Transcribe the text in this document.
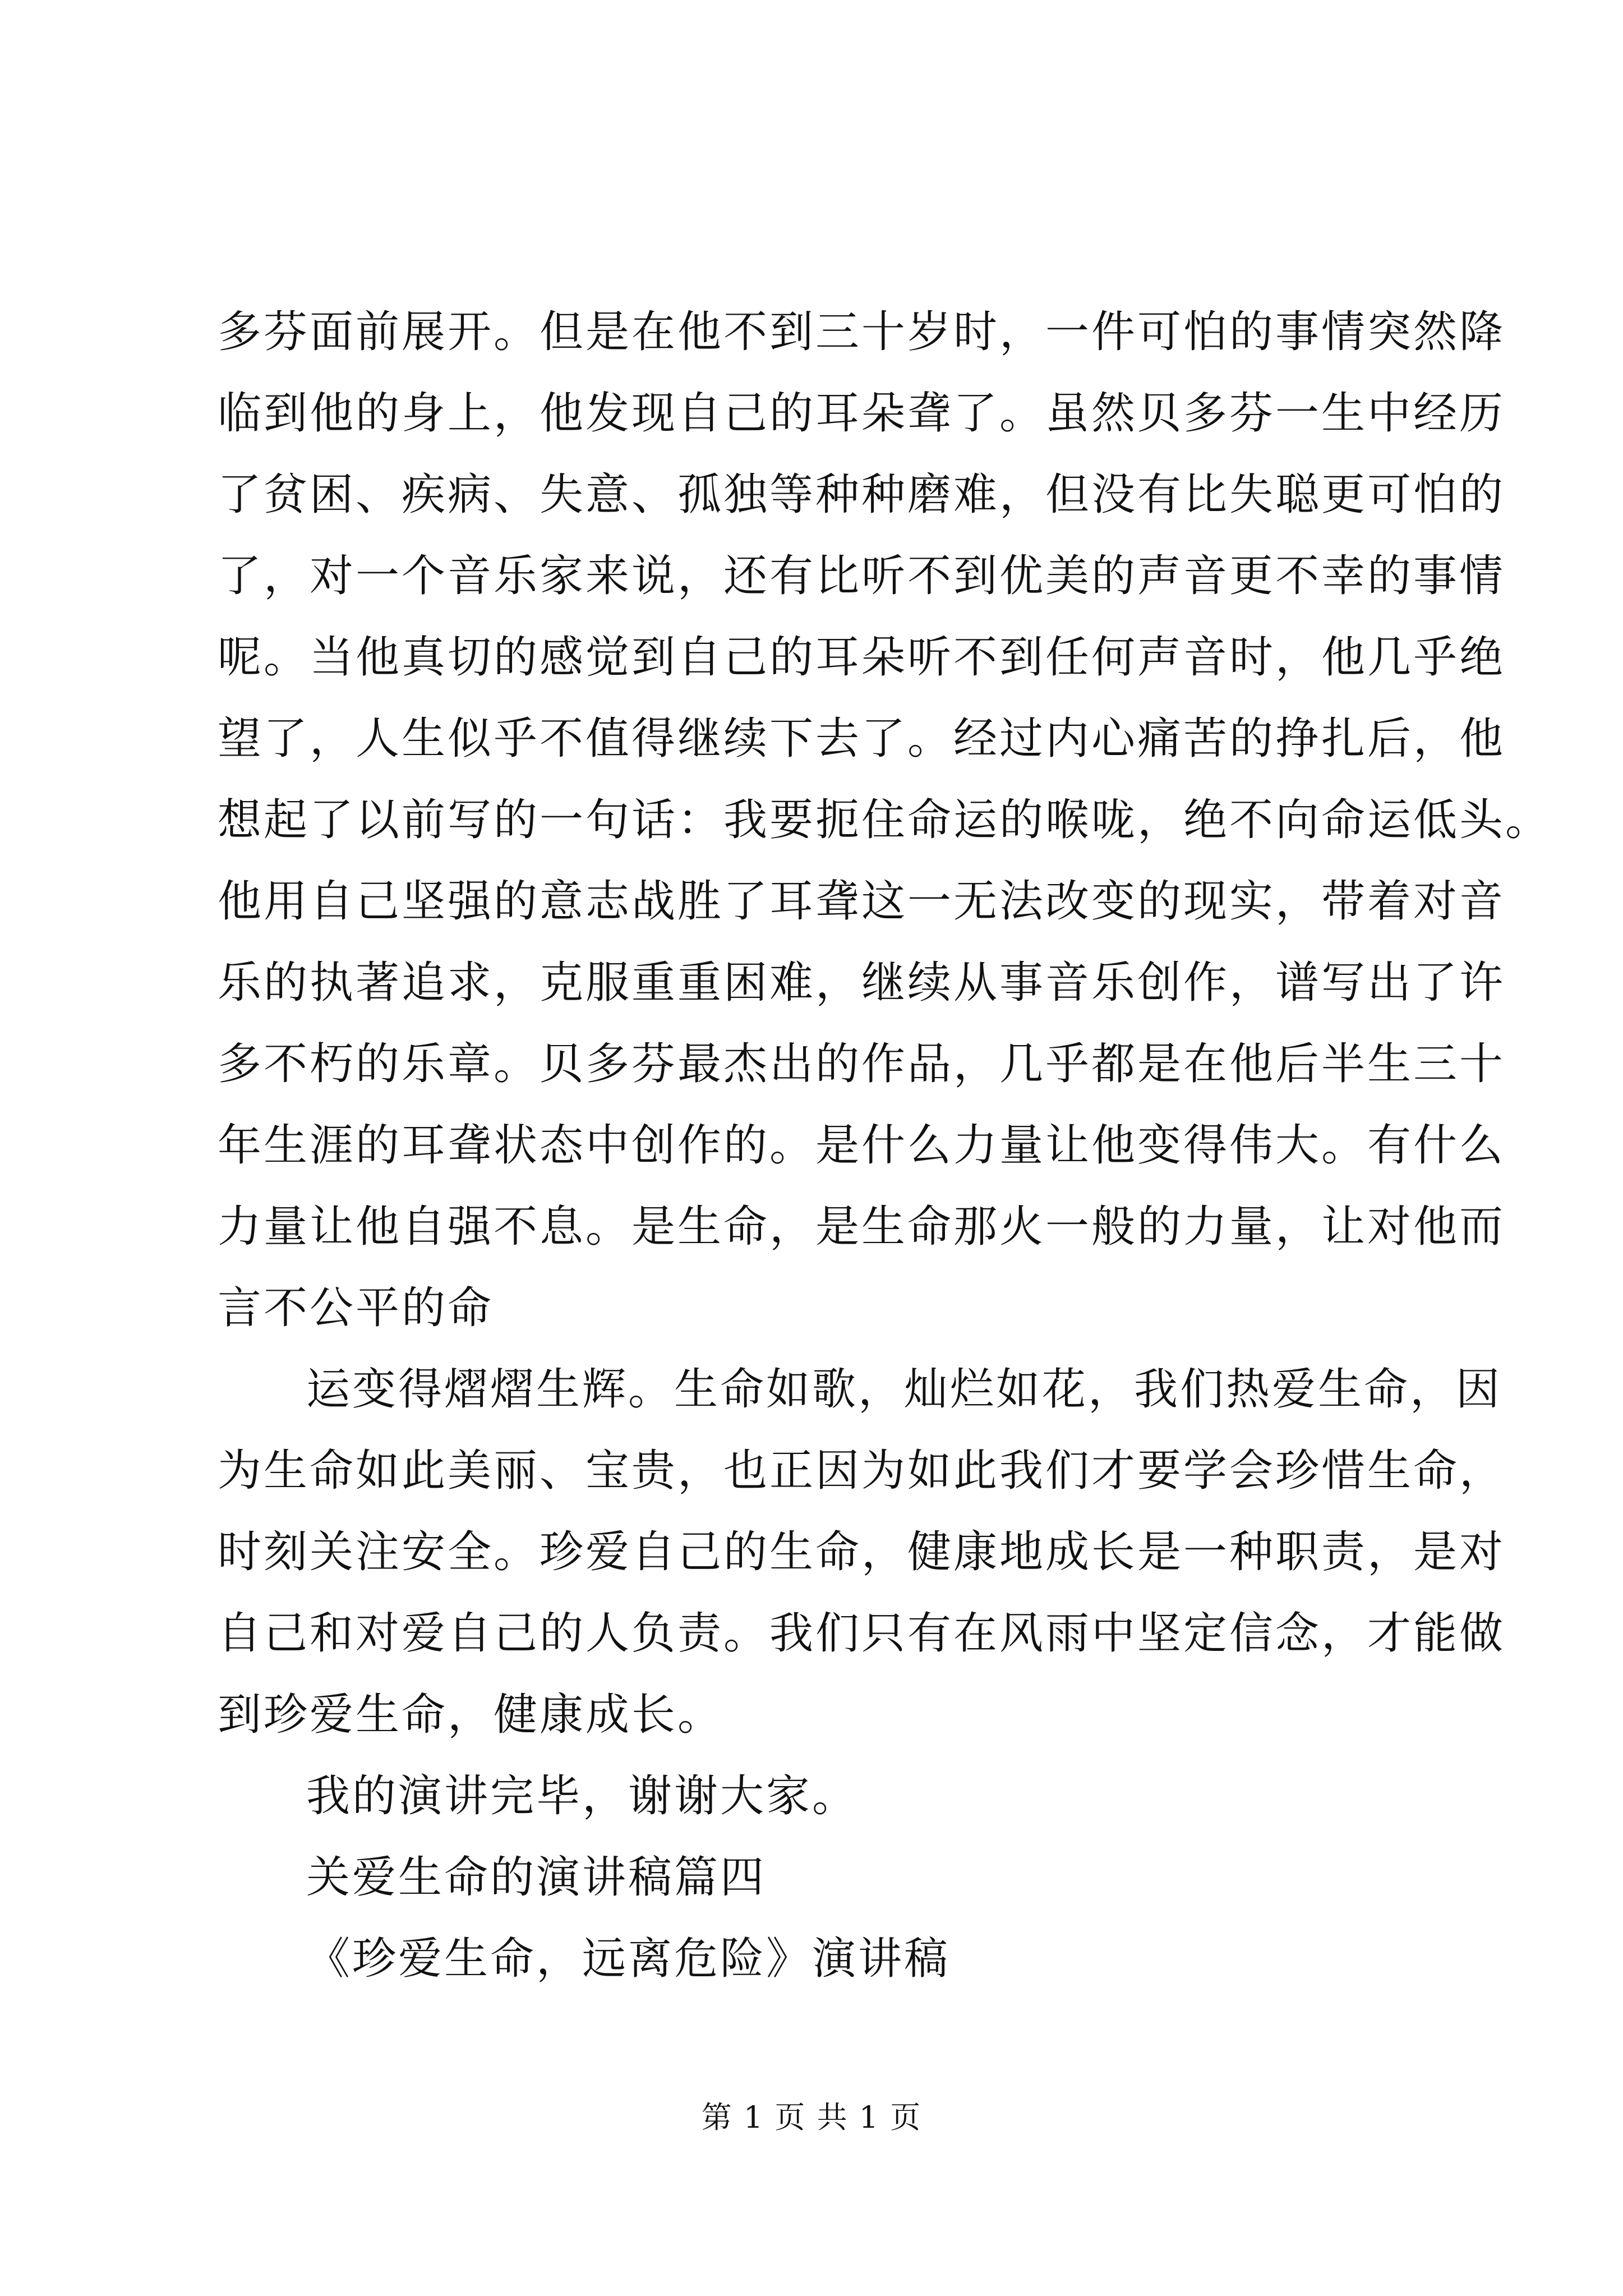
多芬面前展开。但是在他不到三十岁时，一件可怕的事情突然降
临到他的身上，他发现自己的耳朵聋了。虽然贝多芬一生中经历
了贫困、疾病、失意、孤独等种种磨难，但没有比失聪更可怕的
了，对一个音乐家来说，还有比听不到优美的声音更不幸的事情
呢。当他真切的感觉到自己的耳朵听不到任何声音时，他几乎绝
望了，人生似乎不值得继续下去了。经过内心痛苦的挣扎后，他
想起了以前写的一句话：我要扼住命运的喉咙，绝不向命运低头。
他用自己坚强的意志战胜了耳聋这一无法改变的现实，带着对音
乐的执著追求，克服重重困难，继续从事音乐创作，谱写出了许
多不朽的乐章。贝多芬最杰出的作品，几乎都是在他后半生三十
年生涯的耳聋状态中创作的。是什么力量让他变得伟大。有什么
力量让他自强不息。是生命，是生命那火一般的力量，让对他而
言不公平的命
运变得熠熠生辉。生命如歌，灿烂如花，我们热爱生命，因
为生命如此美丽、宝贵，也正因为如此我们才要学会珍惜生命，
时刻关注安全。珍爱自己的生命，健康地成长是一种职责，是对
自己和对爱自己的人负责。我们只有在风雨中坚定信念，才能做
到珍爱生命，健康成长。
我的演讲完毕，谢谢大家。
关爱生命的演讲稿篇四
《珍爱生命，远离危险》演讲稿
第 1 页 共 1 页
